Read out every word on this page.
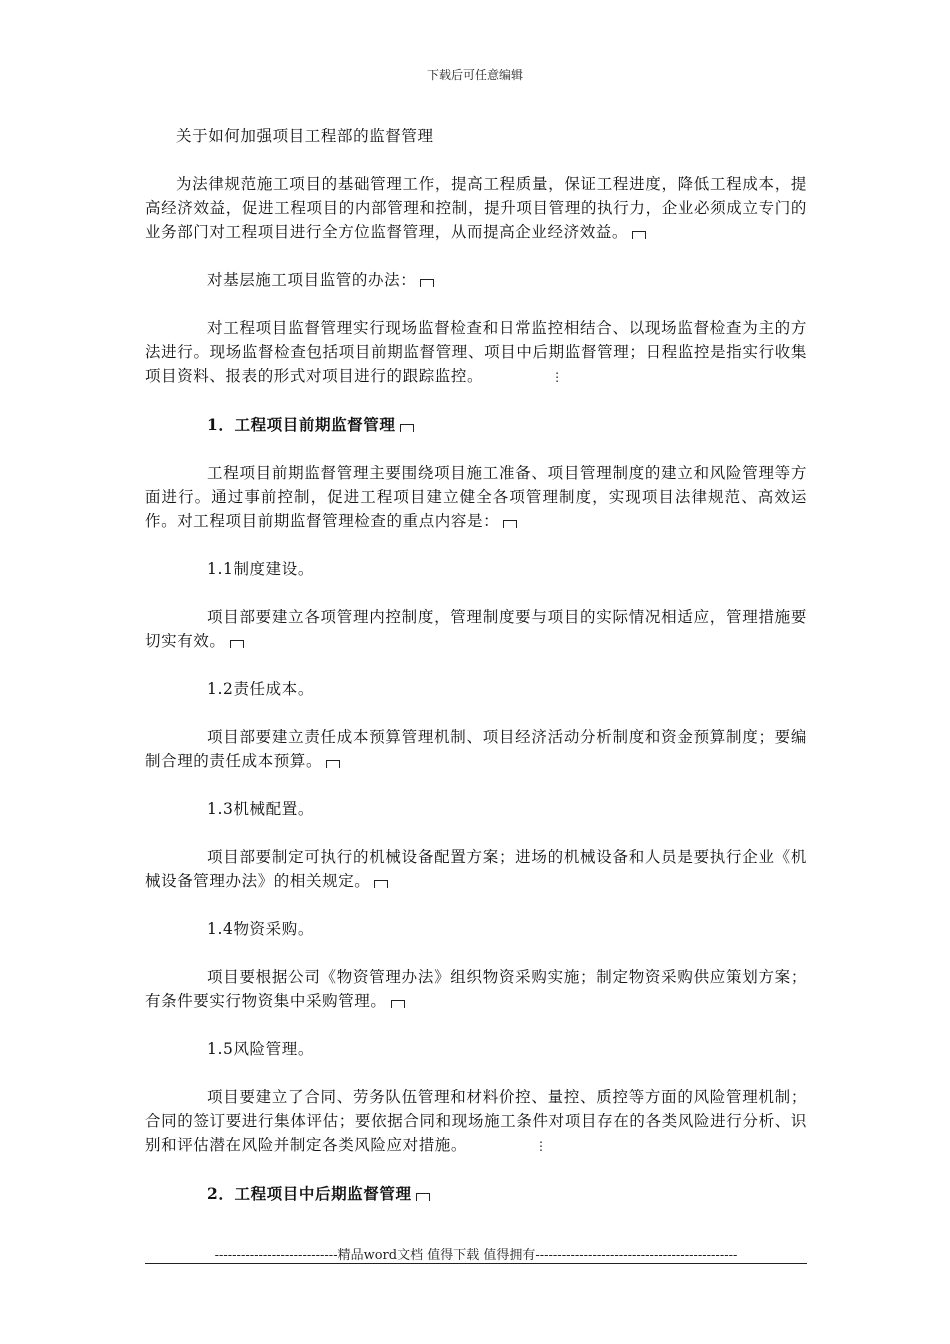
下载后可任意编辑

关于如何加强项目工程部的监督管理

为法律规范施工项目的基础管理工作，提高工程质量，保证工程进度，降低工程成本，提高经济效益，促进工程项目的内部管理和控制，提升项目管理的执行力，企业必须成立专门的业务部门对工程项目进行全方位监督管理，从而提高企业经济效益。

对基层施工项目监管的办法：

对工程项目监督管理实行现场监督检查和日常监控相结合、以现场监督检查为主的方法进行。现场监督检查包括项目前期监督管理、项目中后期监督管理；日程监控是指实行收集项目资料、报表的形式对项目进行的跟踪监控。	⋮

1．工程项目前期监督管理

工程项目前期监督管理主要围绕项目施工准备、项目管理制度的建立和风险管理等方面进行。通过事前控制，促进工程项目建立健全各项管理制度，实现项目法律规范、高效运作。对工程项目前期监督管理检查的重点内容是：

1.1制度建设。

项目部要建立各项管理内控制度，管理制度要与项目的实际情况相适应，管理措施要切实有效。

1.2责任成本。

项目部要建立责任成本预算管理机制、项目经济活动分析制度和资金预算制度；要编制合理的责任成本预算。

1.3机械配置。

项目部要制定可执行的机械设备配置方案；进场的机械设备和人员是要执行企业《机械设备管理办法》的相关规定。

1.4物资采购。

项目要根据公司《物资管理办法》组织物资采购实施；制定物资采购供应策划方案；有条件要实行物资集中采购管理。

1.5风险管理。

项目要建立了合同、劳务队伍管理和材料价控、量控、质控等方面的风险管理机制；合同的签订要进行集体评估；要依据合同和现场施工条件对项目存在的各类风险进行分析、识别和评估潜在风险并制定各类风险应对措施。	⋮

2．工程项目中后期监督管理

----------------------------精品word文档 值得下载 值得拥有----------------------------------------------
